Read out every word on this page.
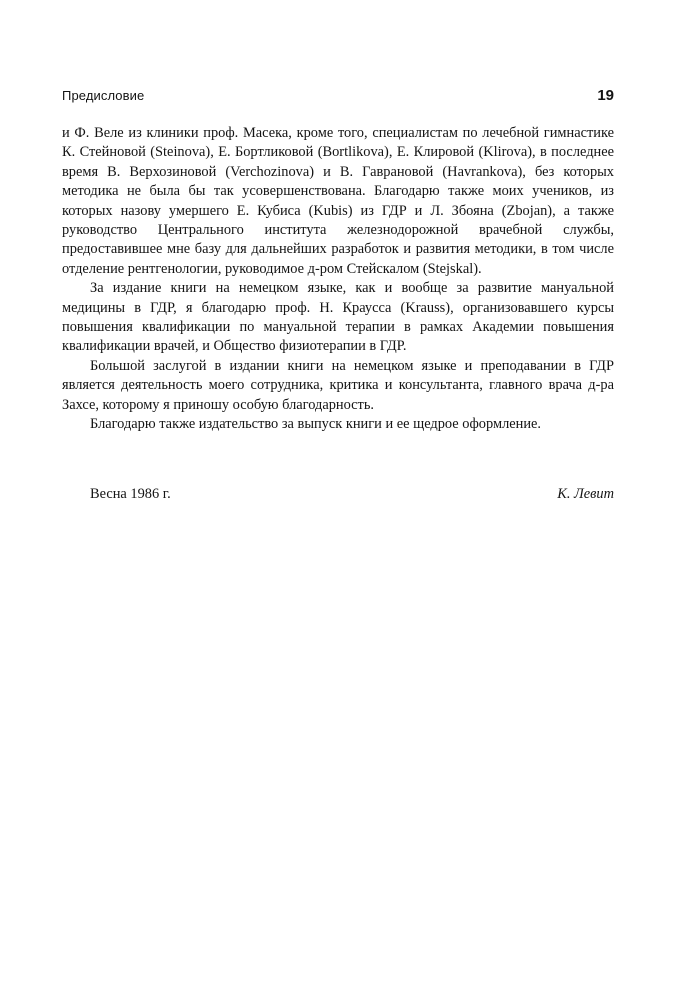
Предисловие	19

и Ф. Веле из клиники проф. Масека, кроме того, специалистам по лечебной гимнастике К. Стейновой (Steinova), Е. Бортликовой (Bortlikova), Е. Клировой (Klirova), в последнее время В. Верхозиновой (Verchozinova) и В. Гаврановой (Havrankova), без которых методика не была бы так усовершенствована. Благодарю также моих учеников, из которых назову умершего Е. Кубиса (Kubis) из ГДР и Л. Збояна (Zbojan), а также руководство Центрального института железнодорожной врачебной службы, предоставившее мне базу для дальнейших разработок и развития методики, в том числе отделение рентгенологии, руководимое д-ром Стейскалом (Stejskal).

За издание книги на немецком языке, как и вообще за развитие мануальной медицины в ГДР, я благодарю проф. Н. Краусса (Krauss), организовавшего курсы повышения квалификации по мануальной терапии в рамках Академии повышения квалификации врачей, и Общество физиотерапии в ГДР.

Большой заслугой в издании книги на немецком языке и преподавании в ГДР является деятельность моего сотрудника, критика и консультанта, главного врача д-ра Захсе, которому я приношу особую благодарность.

Благодарю также издательство за выпуск книги и ее щедрое оформление.

Весна 1986 г.	К. Левит
